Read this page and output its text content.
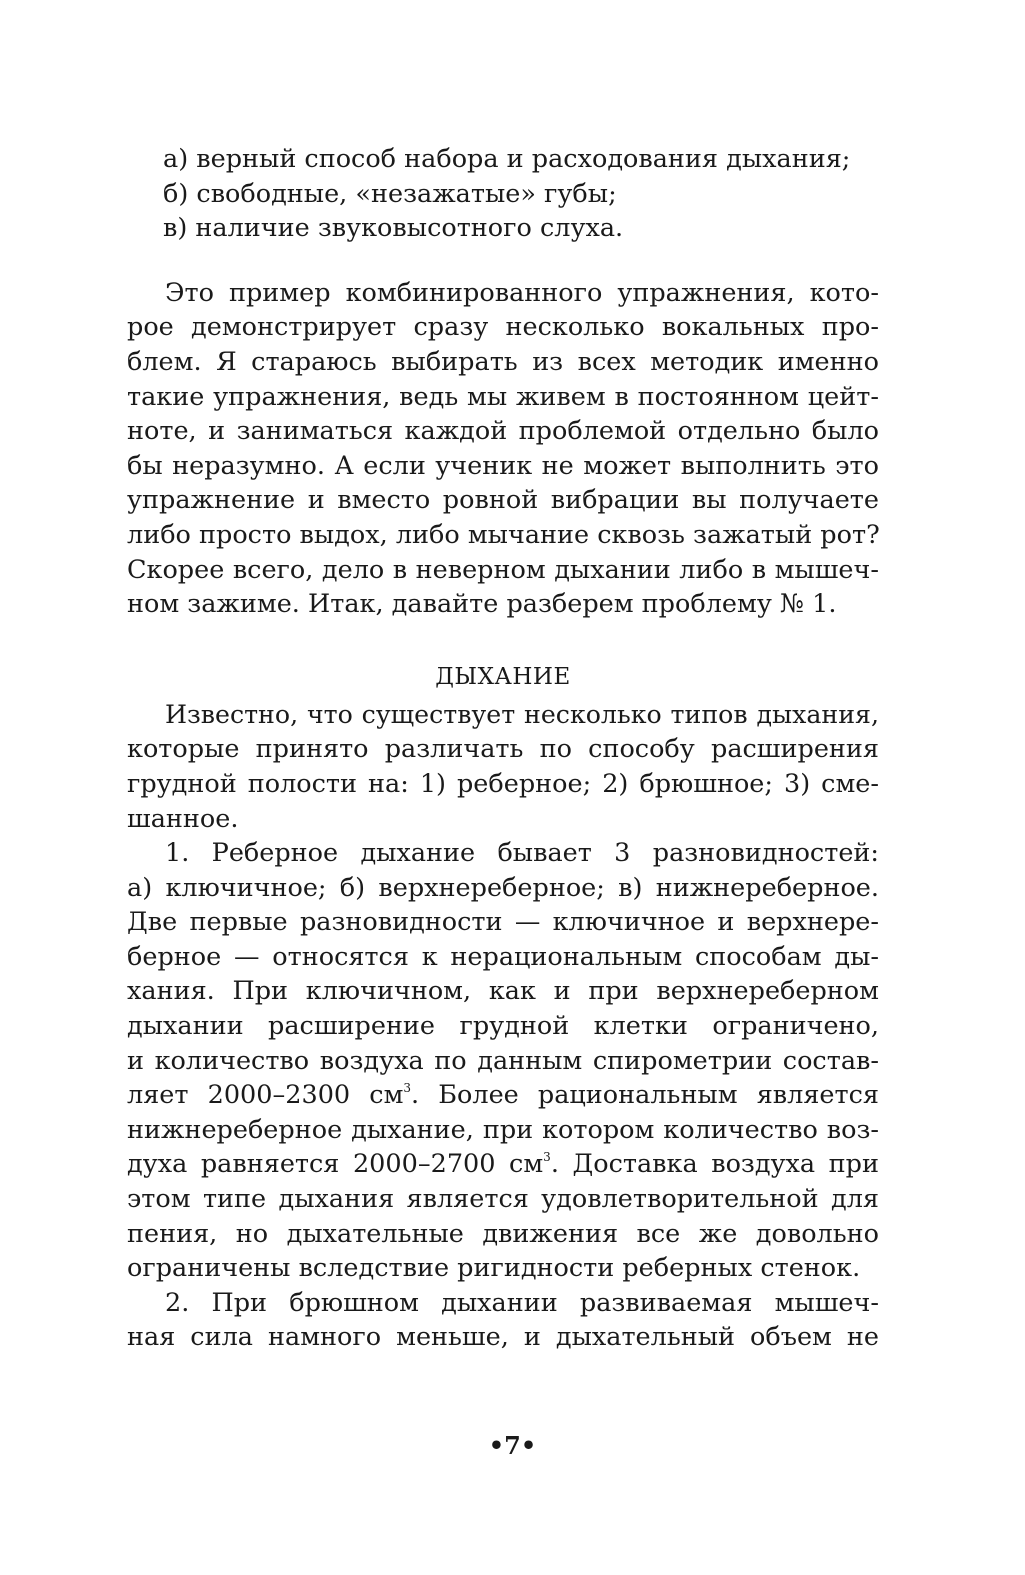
а) верный способ набора и расходования дыхания;
б) свободные, «незажатые» губы;
в) наличие звуковысотного слуха.
Это пример комбинированного упражнения, кото-
рое демонстрирует сразу несколько вокальных про-
блем. Я стараюсь выбирать из всех методик именно
такие упражнения, ведь мы живем в постоянном цейт-
ноте, и заниматься каждой проблемой отдельно было
бы неразумно. А если ученик не может выполнить это
упражнение и вместо ровной вибрации вы получаете
либо просто выдох, либо мычание сквозь зажатый рот?
Скорее всего, дело в неверном дыхании либо в мышеч-
ном зажиме. Итак, давайте разберем проблему № 1.
ДЫХАНИЕ
Известно, что существует несколько типов дыхания,
которые принято различать по способу расширения
грудной полости на: 1) реберное; 2) брюшное; 3) сме-
шанное.
1. Реберное дыхание бывает 3 разновидностей:
а) ключичное; б) верхнереберное; в) нижнереберное.
Две первые разновидности — ключичное и верхнере-
берное — относятся к нерациональным способам ды-
хания. При ключичном, как и при верхнереберном
дыхании расширение грудной клетки ограничено,
и количество воздуха по данным спирометрии состав-
ляет 2000–2300 $см^3$. Более рациональным является
нижнереберное дыхание, при котором количество воз-
духа равняется 2000–2700 $см^3$. Доставка воздуха при
этом типе дыхания является удовлетворительной для
пения, но дыхательные движения все же довольно
ограничены вследствие ригидности реберных стенок.
2. При брюшном дыхании развиваемая мышеч-
ная сила намного меньше, и дыхательный объем не
•7•
